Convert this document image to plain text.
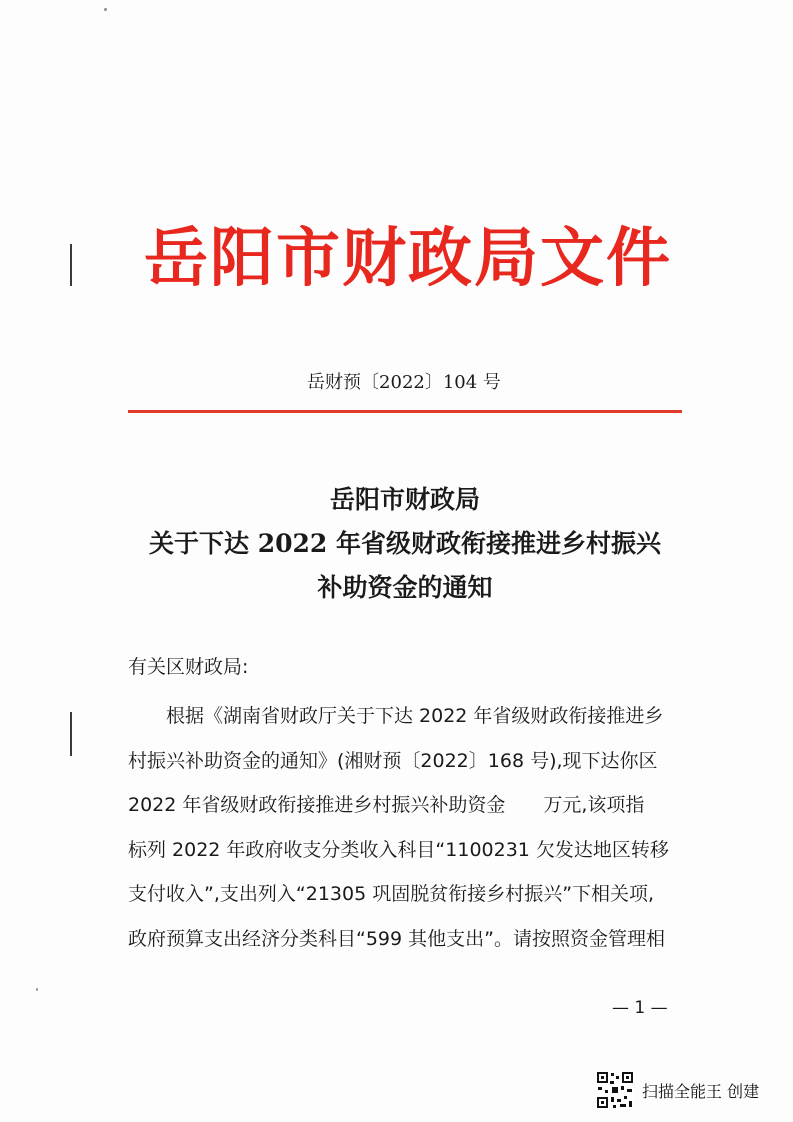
岳阳市财政局文件
岳财预〔2022〕104 号
岳阳市财政局
关于下达 2022 年省级财政衔接推进乡村振兴
补助资金的通知
有关区财政局:
根据《湖南省财政厅关于下达 2022 年省级财政衔接推进乡
村振兴补助资金的通知》(湘财预〔2022〕168 号),现下达你区
2022 年省级财政衔接推进乡村振兴补助资金　　万元,该项指
标列 2022 年政府收支分类收入科目“1100231 欠发达地区转移
支付收入”,支出列入“21305 巩固脱贫衔接乡村振兴”下相关项,
政府预算支出经济分类科目“599 其他支出”。请按照资金管理相
— 1 —
扫描全能王 创建
